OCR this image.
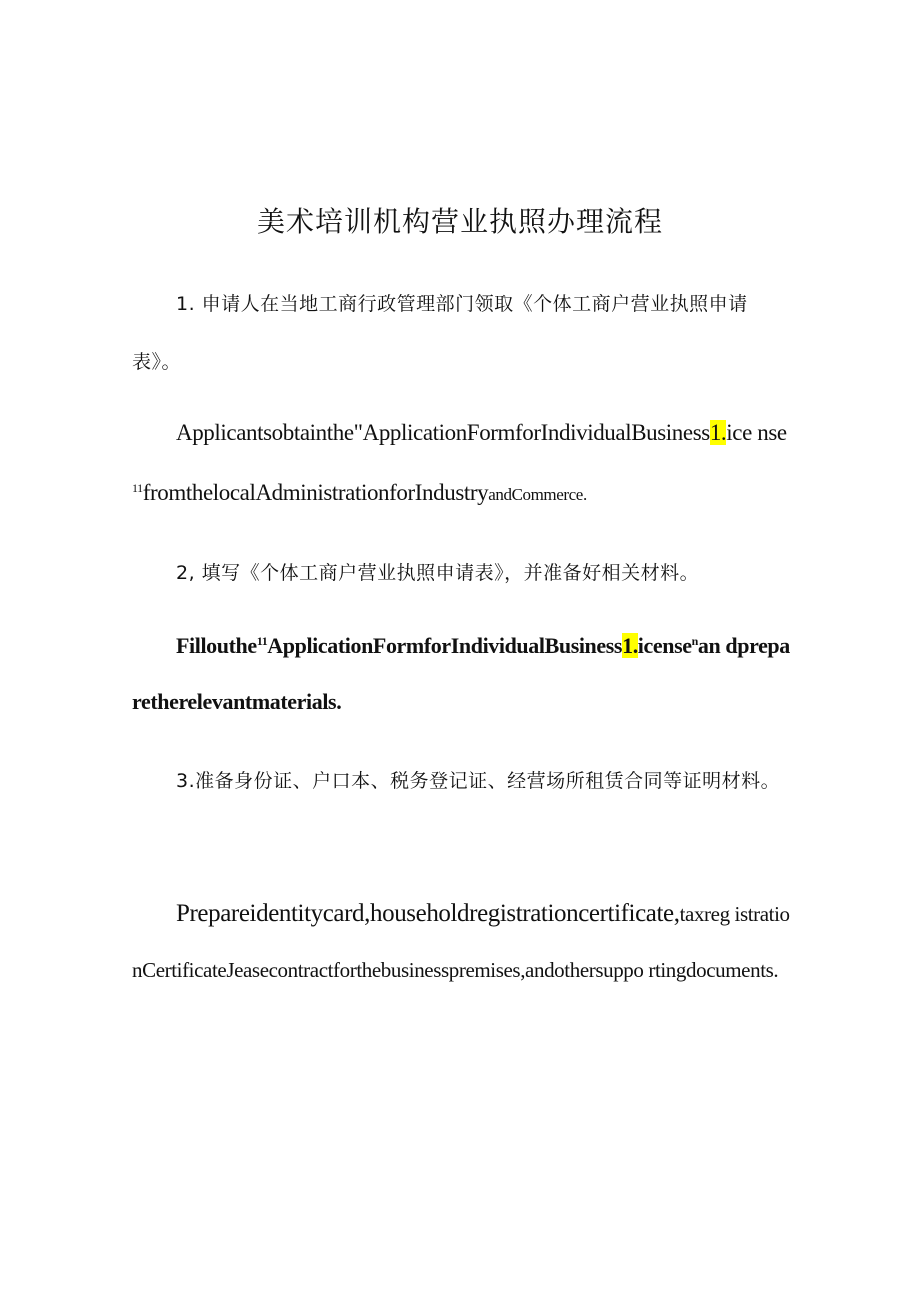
美术培训机构营业执照办理流程

1. 申请人在当地工商行政管理部门领取《个体工商户营业执照申请表》。

Applicantsobtainthe"ApplicationFormforIndividualBusiness1.ice nse$^{11}$fromthelocalAdministrationforIndustryandCommerce.

2, 填写《个体工商户营业执照申请表》，并准备好相关材料。

Fillouthe$^{11}$ApplicationFormforIndividualBusiness1.icense$^n$an dpreparetherelevantmaterials.

3.准备身份证、户口本、税务登记证、经营场所租赁合同等证明材料。

Prepareidentitycard,householdregistrationcertificate,taxreg istrationCertificateJeasecontractforthebusinesspremises,andothersuppo rtingdocuments.
